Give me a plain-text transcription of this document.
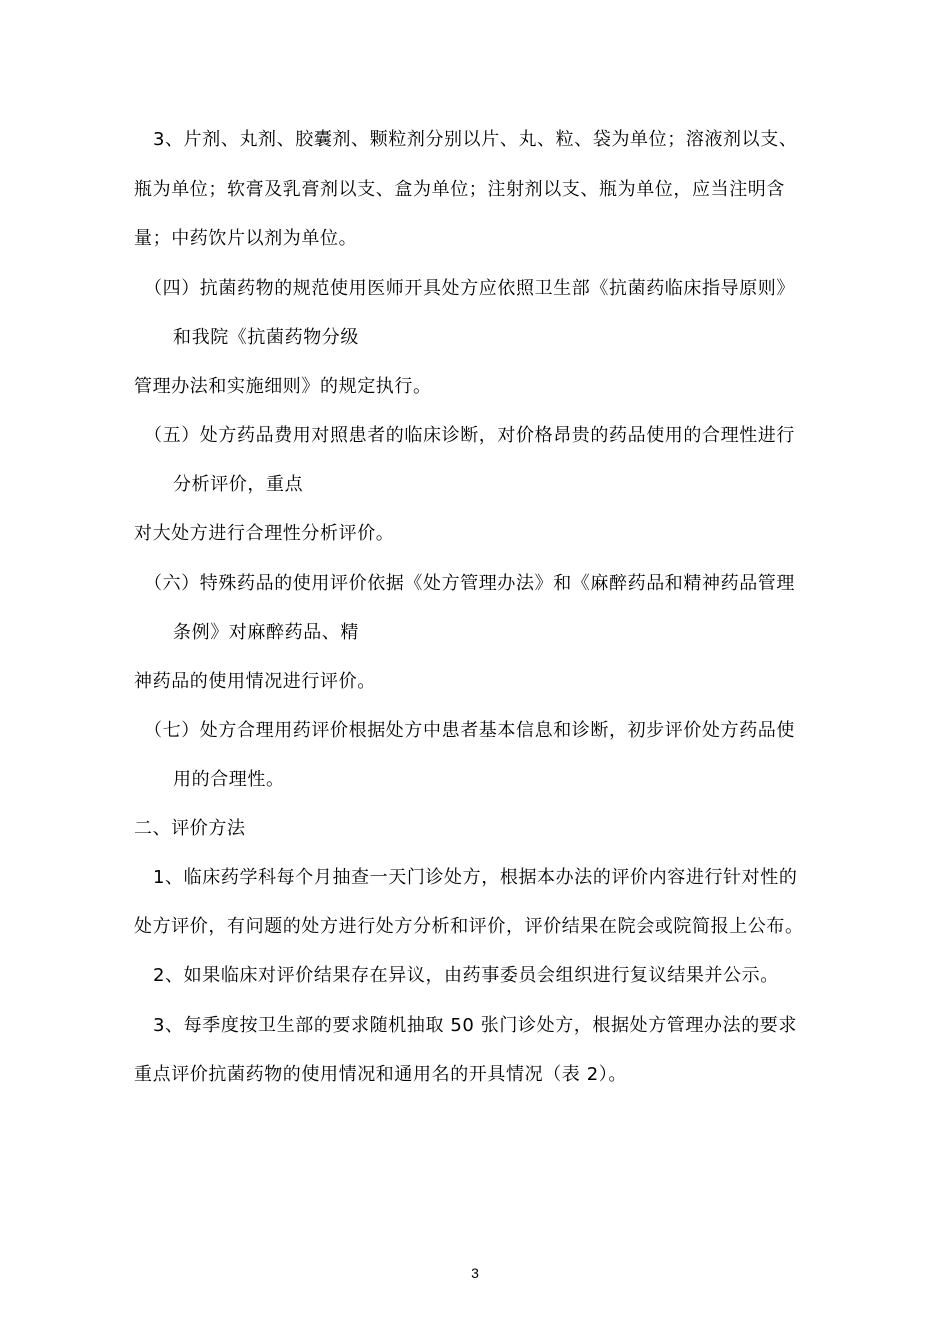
3、片剂、丸剂、胶囊剂、颗粒剂分别以片、丸、粒、袋为单位；溶液剂以支、
瓶为单位；软膏及乳膏剂以支、盒为单位；注射剂以支、瓶为单位，应当注明含
量；中药饮片以剂为单位。
（四）抗菌药物的规范使用医师开具处方应依照卫生部《抗菌药临床指导原则》
和我院《抗菌药物分级
管理办法和实施细则》的规定执行。
（五）处方药品费用对照患者的临床诊断，对价格昂贵的药品使用的合理性进行
分析评价，重点
对大处方进行合理性分析评价。
（六）特殊药品的使用评价依据《处方管理办法》和《麻醉药品和精神药品管理
条例》对麻醉药品、精
神药品的使用情况进行评价。
（七）处方合理用药评价根据处方中患者基本信息和诊断，初步评价处方药品使
用的合理性。
二、评价方法
1、临床药学科每个月抽查一天门诊处方，根据本办法的评价内容进行针对性的
处方评价，有问题的处方进行处方分析和评价，评价结果在院会或院简报上公布。
2、如果临床对评价结果存在异议，由药事委员会组织进行复议结果并公示。
3、每季度按卫生部的要求随机抽取 50 张门诊处方，根据处方管理办法的要求
重点评价抗菌药物的使用情况和通用名的开具情况（表 2）。
3
